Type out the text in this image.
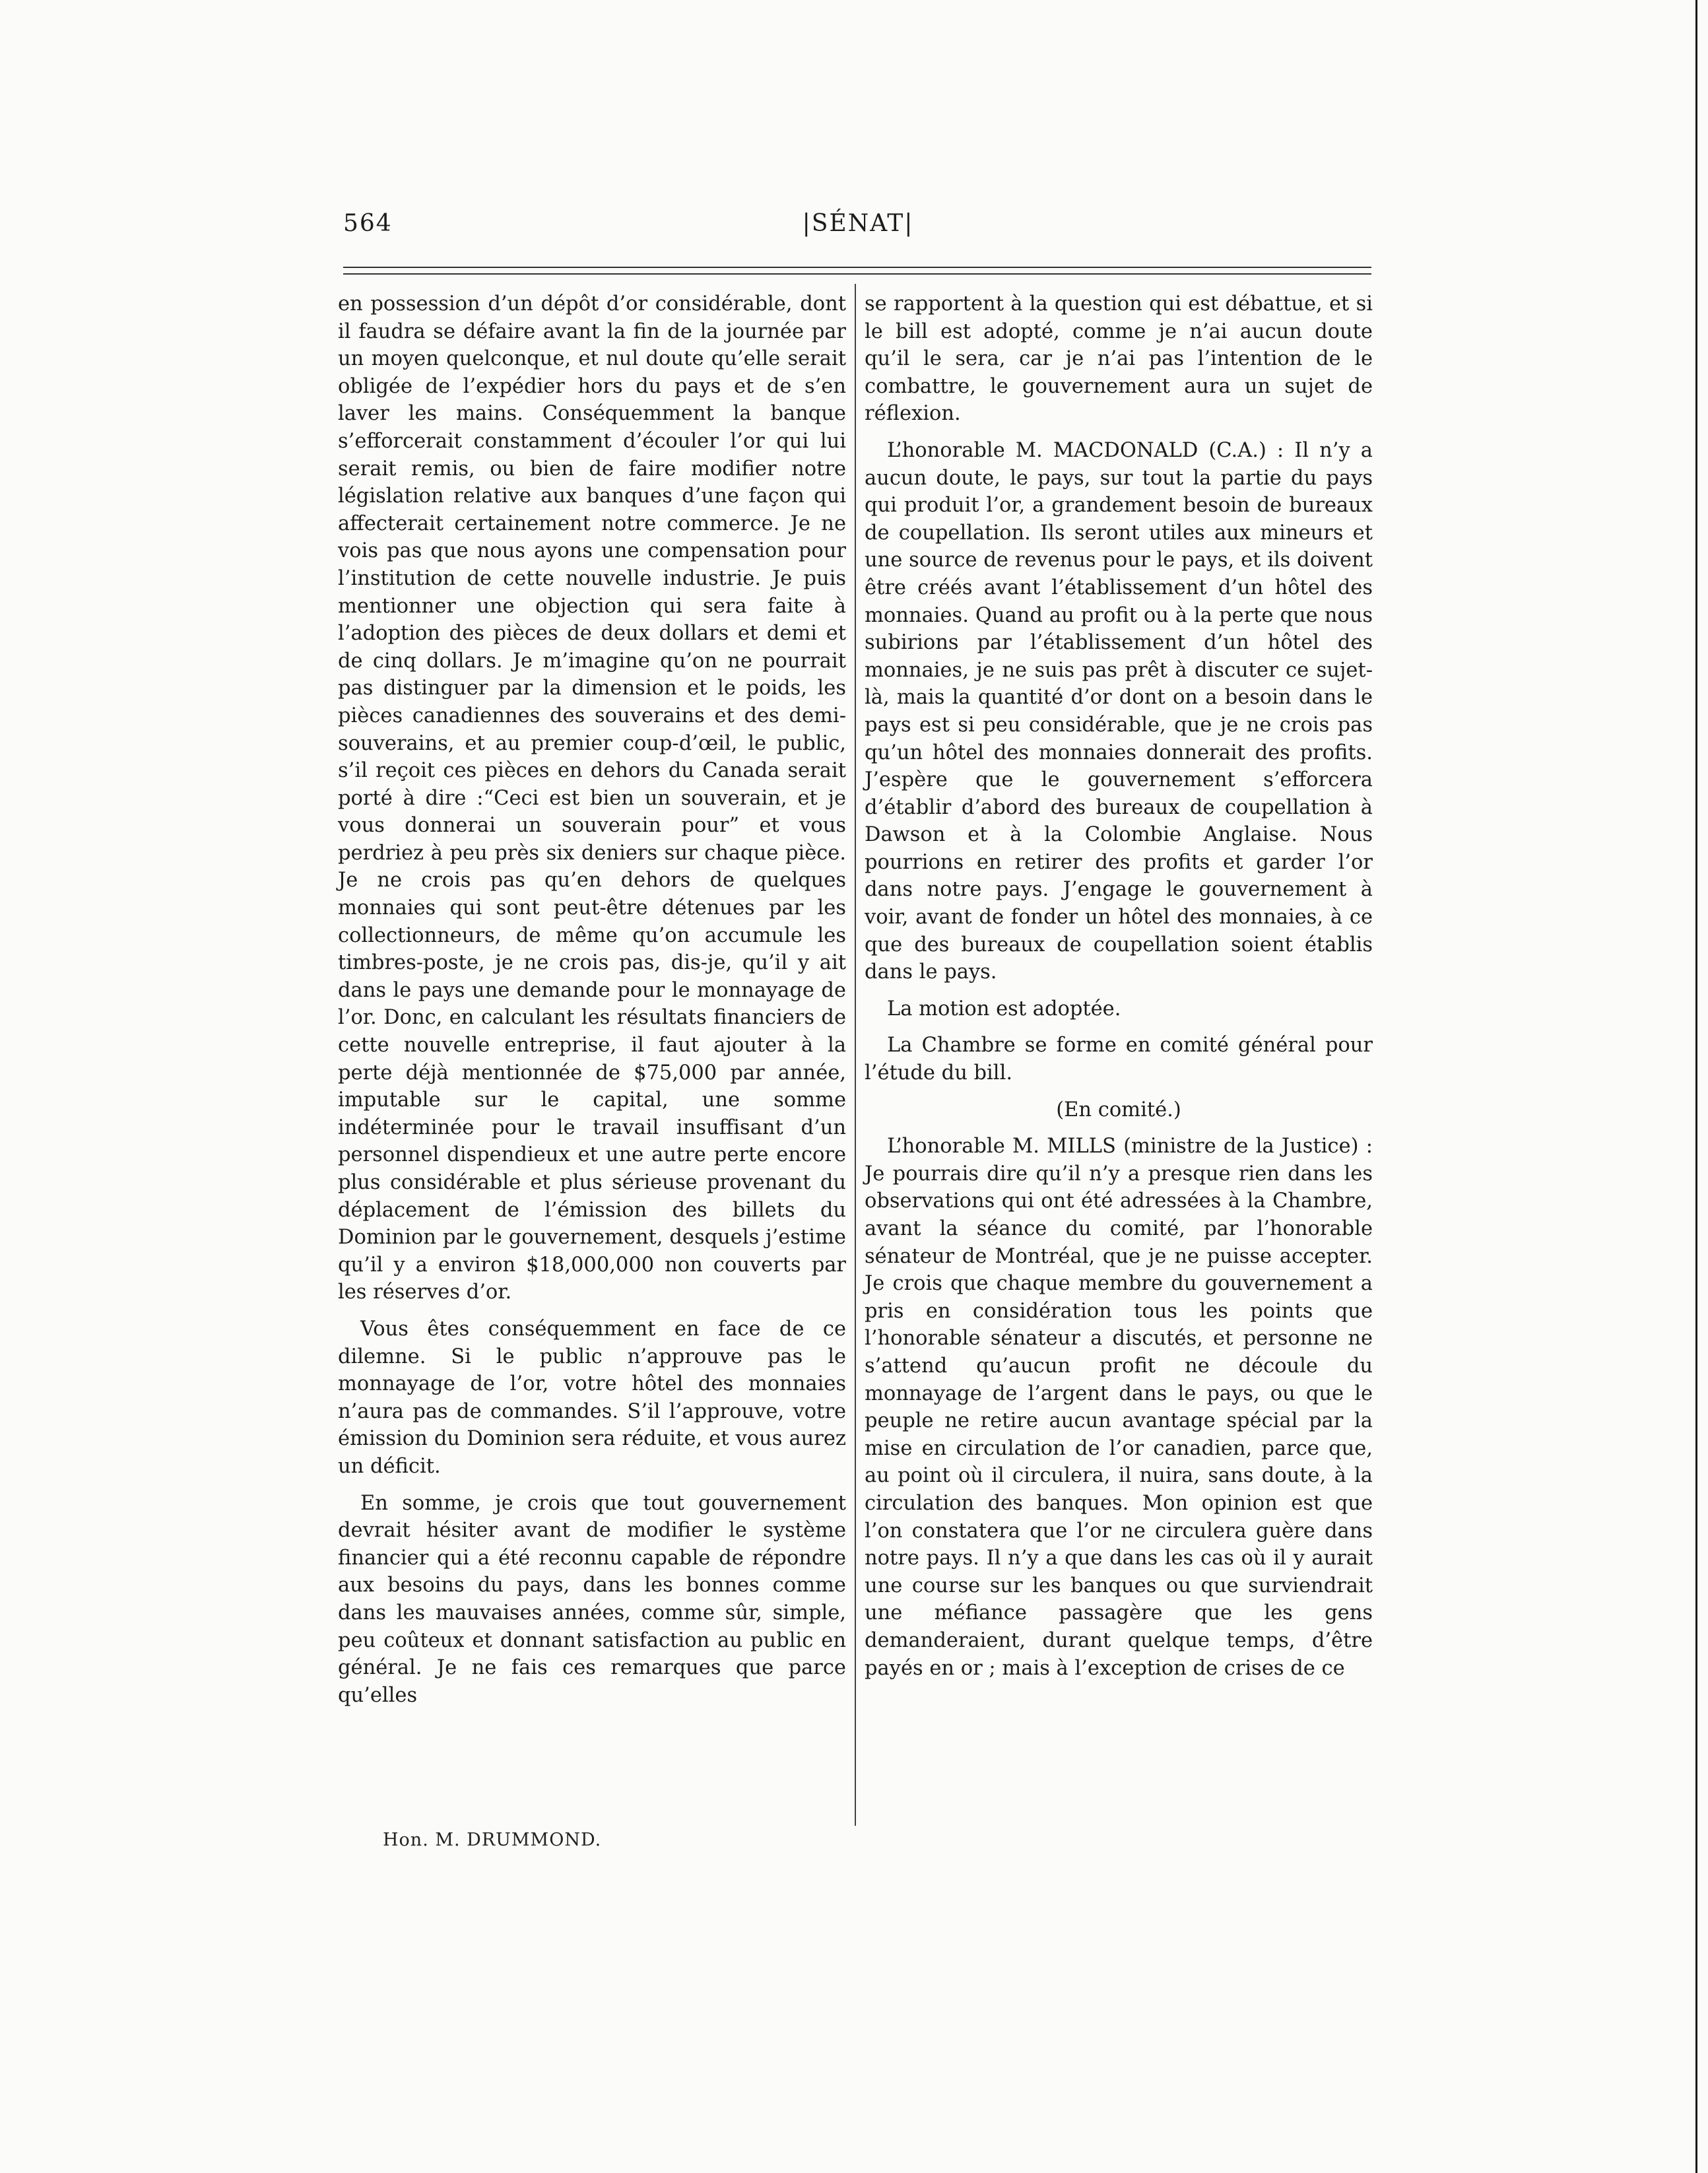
564	|SÉNAT|

en possession d’un dépôt d’or considérable, dont il faudra se défaire avant la fin de la journée par un moyen quelconque, et nul doute qu’elle serait obligée de l’expédier hors du pays et de s’en laver les mains. Conséquemment la banque s’efforcerait constamment d’écouler l’or qui lui serait remis, ou bien de faire modifier notre législation relative aux banques d’une façon qui affecterait certainement notre commerce. Je ne vois pas que nous ayons une compensation pour l’institution de cette nouvelle industrie. Je puis mentionner une objection qui sera faite à l’adoption des pièces de deux dollars et demi et de cinq dollars. Je m’imagine qu’on ne pourrait pas distinguer par la dimension et le poids, les pièces canadiennes des souverains et des demi-souverains, et au premier coup-d’œil, le public, s’il reçoit ces pièces en dehors du Canada serait porté à dire :“Ceci est bien un souverain, et je vous donnerai un souverain pour” et vous perdriez à peu près six deniers sur chaque pièce. Je ne crois pas qu’en dehors de quelques monnaies qui sont peut-être détenues par les collectionneurs, de même qu’on accumule les timbres-poste, je ne crois pas, dis-je, qu’il y ait dans le pays une demande pour le monnayage de l’or. Donc, en calculant les résultats financiers de cette nouvelle entreprise, il faut ajouter à la perte déjà mentionnée de $75,000 par année, imputable sur le capital, une somme indéterminée pour le travail insuffisant d’un personnel dispendieux et une autre perte encore plus considérable et plus sérieuse provenant du déplacement de l’émission des billets du Dominion par le gouvernement, desquels j’estime qu’il y a environ $18,000,000 non couverts par les réserves d’or.

Vous êtes conséquemment en face de ce dilemne. Si le public n’approuve pas le monnayage de l’or, votre hôtel des monnaies n’aura pas de commandes. S’il l’approuve, votre émission du Dominion sera réduite, et vous aurez un déficit.

En somme, je crois que tout gouvernement devrait hésiter avant de modifier le système financier qui a été reconnu capable de répondre aux besoins du pays, dans les bonnes comme dans les mauvaises années, comme sûr, simple, peu coûteux et donnant satisfaction au public en général. Je ne fais ces remarques que parce qu’elles

se rapportent à la question qui est débattue, et si le bill est adopté, comme je n’ai aucun doute qu’il le sera, car je n’ai pas l’intention de le combattre, le gouvernement aura un sujet de réflexion.

L’honorable M. MACDONALD (C.A.) : Il n’y a aucun doute, le pays, sur tout la partie du pays qui produit l’or, a grandement besoin de bureaux de coupellation. Ils seront utiles aux mineurs et une source de revenus pour le pays, et ils doivent être créés avant l’établissement d’un hôtel des monnaies. Quand au profit ou à la perte que nous subirions par l’établissement d’un hôtel des monnaies, je ne suis pas prêt à discuter ce sujet-là, mais la quantité d’or dont on a besoin dans le pays est si peu considérable, que je ne crois pas qu’un hôtel des monnaies donnerait des profits. J’espère que le gouvernement s’efforcera d’établir d’abord des bureaux de coupellation à Dawson et à la Colombie Anglaise. Nous pourrions en retirer des profits et garder l’or dans notre pays. J’engage le gouvernement à voir, avant de fonder un hôtel des monnaies, à ce que des bureaux de coupellation soient établis dans le pays.

La motion est adoptée.

La Chambre se forme en comité général pour l’étude du bill.

(En comité.)

L’honorable M. MILLS (ministre de la Justice) : Je pourrais dire qu’il n’y a presque rien dans les observations qui ont été adressées à la Chambre, avant la séance du comité, par l’honorable sénateur de Montréal, que je ne puisse accepter. Je crois que chaque membre du gouvernement a pris en considération tous les points que l’honorable sénateur a discutés, et personne ne s’attend qu’aucun profit ne découle du monnayage de l’argent dans le pays, ou que le peuple ne retire aucun avantage spécial par la mise en circulation de l’or canadien, parce que, au point où il circulera, il nuira, sans doute, à la circulation des banques. Mon opinion est que l’on constatera que l’or ne circulera guère dans notre pays. Il n’y a que dans les cas où il y aurait une course sur les banques ou que surviendrait une méfiance passagère que les gens demanderaient, durant quelque temps, d’être payés en or ; mais à l’exception de crises de ce

Hon. M. DRUMMOND.
